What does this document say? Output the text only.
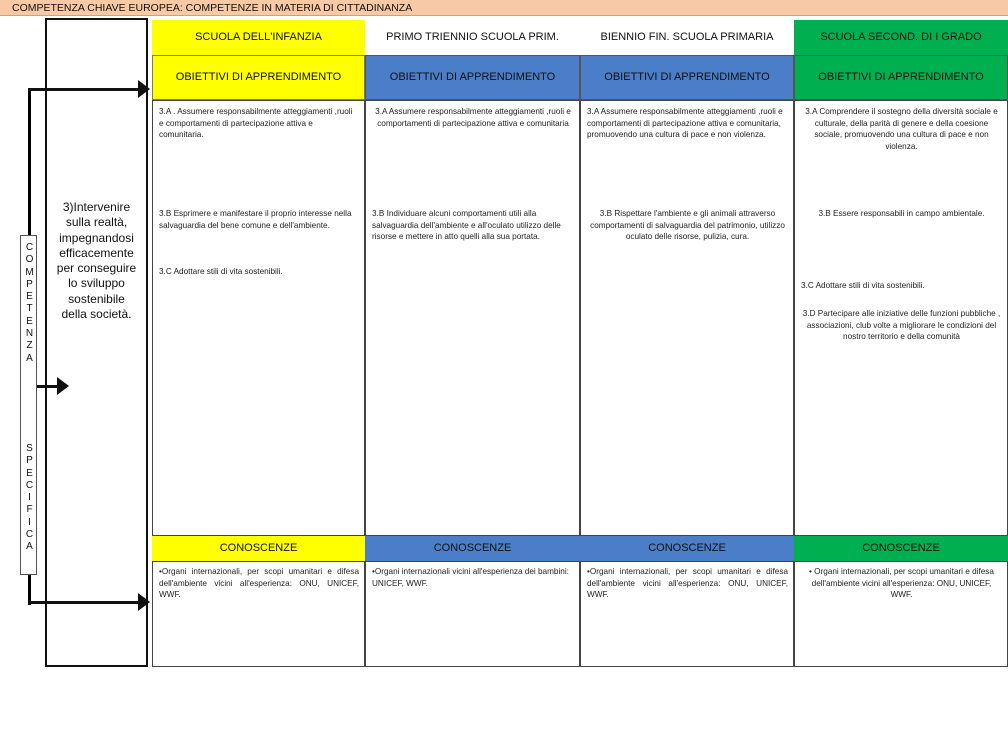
COMPETENZA CHIAVE EUROPEA: COMPETENZE IN MATERIA DI CITTADINANZA
C
O
M
P
E
T
E
N
Z
A
S
P
E
C
I
F
I
C
A
3)Intervenire
sulla realtà,
impegnandosi
efficacemente
per conseguire
lo sviluppo
sostenibile
della società.
SCUOLA DELL'INFANZIA
OBIETTIVI DI APPRENDIMENTO
CONOSCENZE
PRIMO TRIENNIO SCUOLA PRIM.
OBIETTIVI DI APPRENDIMENTO
CONOSCENZE
BIENNIO FIN. SCUOLA PRIMARIA
OBIETTIVI DI APPRENDIMENTO
CONOSCENZE
SCUOLA SECOND. DI I GRADO
OBIETTIVI DI APPRENDIMENTO
CONOSCENZE
3.A . Assumere responsabilmente atteggiamenti ,ruoli e comportamenti di partecipazione attiva e comunitaria.
3.B Esprimere e manifestare il proprio interesse nella salvaguardia del bene comune e dell'ambiente.
3.C Adottare stili di vita sostenibili.
3.A Assumere responsabilmente atteggiamenti ,ruoli e comportamenti di partecipazione attiva e comunitaria
3.B Individuare alcuni comportamenti utili alla salvaguardia dell'ambiente e all'oculato utilizzo delle risorse e mettere in atto quelli alla sua portata.
3.A Assumere responsabilmente atteggiamenti ,ruoli e comportamenti di partecipazione attiva e comunitaria, promuovendo una cultura di pace e non violenza.
3.B Rispettare l'ambiente e gli animali attraverso comportamenti di salvaguardia del patrimonio, utilizzo oculato delle risorse, pulizia, cura.
3.A Comprendere il sostegno della diversità sociale e culturale, della parità di genere e della coesione sociale, promuovendo una cultura di pace e non violenza.
3.B Essere responsabili in campo ambientale.
3.C Adottare stili di vita sostenibili.
3.D Partecipare alle iniziative delle funzioni pubbliche , associazioni, club volte a migliorare le condizioni del nostro territorio e della comunità
•Organi internazionali, per scopi umanitari e difesa dell'ambiente vicini all'esperienza: ONU, UNICEF, WWF.
•Organi internazionali vicini all'esperienza dei bambini: UNICEF, WWF.
•Organi internazionali, per scopi umanitari e difesa dell'ambiente vicini all'esperienza: ONU, UNICEF, WWF.
• Organi internazionali, per scopi umanitari e difesa dell'ambiente vicini all'esperienza: ONU, UNICEF, WWF.
